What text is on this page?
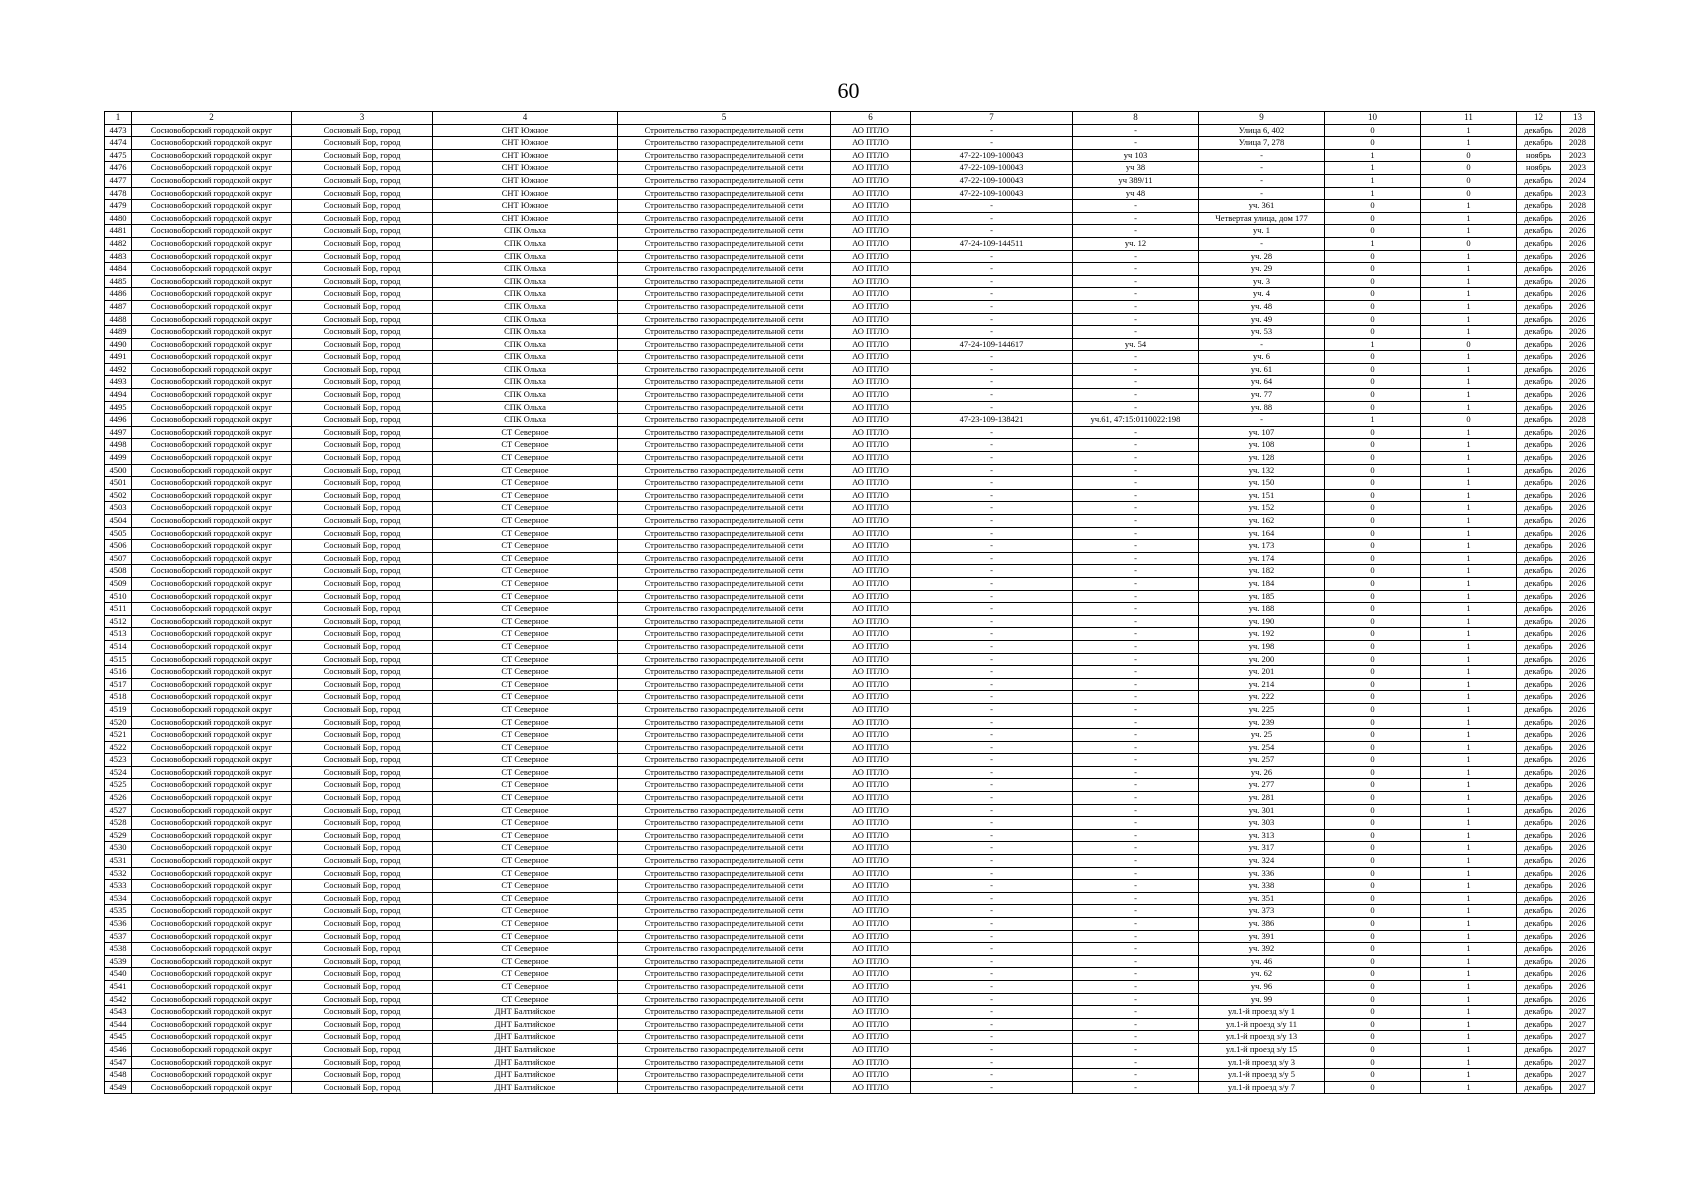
60
1	2	3	4	5	6	7	8	9	10	11	12	13
4473	Сосновоборский городской округ	Сосновый Бор, город	СНТ Южное	Строительство газораспределительной сети	АО ПТЛО	-	-	Улица 6, 402	0	1	декабрь	2028
4474	Сосновоборский городской округ	Сосновый Бор, город	СНТ Южное	Строительство газораспределительной сети	АО ПТЛО	-	-	Улица 7, 278	0	1	декабрь	2028
4475	Сосновоборский городской округ	Сосновый Бор, город	СНТ Южное	Строительство газораспределительной сети	АО ПТЛО	47-22-109-100043	уч 103	-	1	0	ноябрь	2023
4476	Сосновоборский городской округ	Сосновый Бор, город	СНТ Южное	Строительство газораспределительной сети	АО ПТЛО	47-22-109-100043	уч 38	-	1	0	ноябрь	2023
4477	Сосновоборский городской округ	Сосновый Бор, город	СНТ Южное	Строительство газораспределительной сети	АО ПТЛО	47-22-109-100043	уч 389/11	-	1	0	декабрь	2024
4478	Сосновоборский городской округ	Сосновый Бор, город	СНТ Южное	Строительство газораспределительной сети	АО ПТЛО	47-22-109-100043	уч 48	-	1	0	декабрь	2023
4479	Сосновоборский городской округ	Сосновый Бор, город	СНТ Южное	Строительство газораспределительной сети	АО ПТЛО	-	-	уч. 361	0	1	декабрь	2028
4480	Сосновоборский городской округ	Сосновый Бор, город	СНТ Южное	Строительство газораспределительной сети	АО ПТЛО	-	-	Четвертая улица, дом 177	0	1	декабрь	2026
4481	Сосновоборский городской округ	Сосновый Бор, город	СПК Ольха	Строительство газораспределительной сети	АО ПТЛО	-	-	уч. 1	0	1	декабрь	2026
4482	Сосновоборский городской округ	Сосновый Бор, город	СПК Ольха	Строительство газораспределительной сети	АО ПТЛО	47-24-109-144511	уч. 12	-	1	0	декабрь	2026
4483	Сосновоборский городской округ	Сосновый Бор, город	СПК Ольха	Строительство газораспределительной сети	АО ПТЛО	-	-	уч. 28	0	1	декабрь	2026
4484	Сосновоборский городской округ	Сосновый Бор, город	СПК Ольха	Строительство газораспределительной сети	АО ПТЛО	-	-	уч. 29	0	1	декабрь	2026
4485	Сосновоборский городской округ	Сосновый Бор, город	СПК Ольха	Строительство газораспределительной сети	АО ПТЛО	-	-	уч. 3	0	1	декабрь	2026
4486	Сосновоборский городской округ	Сосновый Бор, город	СПК Ольха	Строительство газораспределительной сети	АО ПТЛО	-	-	уч. 4	0	1	декабрь	2026
4487	Сосновоборский городской округ	Сосновый Бор, город	СПК Ольха	Строительство газораспределительной сети	АО ПТЛО	-	-	уч. 48	0	1	декабрь	2026
4488	Сосновоборский городской округ	Сосновый Бор, город	СПК Ольха	Строительство газораспределительной сети	АО ПТЛО	-	-	уч. 49	0	1	декабрь	2026
4489	Сосновоборский городской округ	Сосновый Бор, город	СПК Ольха	Строительство газораспределительной сети	АО ПТЛО	-	-	уч. 53	0	1	декабрь	2026
4490	Сосновоборский городской округ	Сосновый Бор, город	СПК Ольха	Строительство газораспределительной сети	АО ПТЛО	47-24-109-144617	уч. 54	-	1	0	декабрь	2026
4491	Сосновоборский городской округ	Сосновый Бор, город	СПК Ольха	Строительство газораспределительной сети	АО ПТЛО	-	-	уч. 6	0	1	декабрь	2026
4492	Сосновоборский городской округ	Сосновый Бор, город	СПК Ольха	Строительство газораспределительной сети	АО ПТЛО	-	-	уч. 61	0	1	декабрь	2026
4493	Сосновоборский городской округ	Сосновый Бор, город	СПК Ольха	Строительство газораспределительной сети	АО ПТЛО	-	-	уч. 64	0	1	декабрь	2026
4494	Сосновоборский городской округ	Сосновый Бор, город	СПК Ольха	Строительство газораспределительной сети	АО ПТЛО	-	-	уч. 77	0	1	декабрь	2026
4495	Сосновоборский городской округ	Сосновый Бор, город	СПК Ольха	Строительство газораспределительной сети	АО ПТЛО	-	-	уч. 88	0	1	декабрь	2026
4496	Сосновоборский городской округ	Сосновый Бор, город	СПК Ольха	Строительство газораспределительной сети	АО ПТЛО	47-23-109-138421	уч.61, 47:15:0110022:198	-	1	0	декабрь	2028
4497	Сосновоборский городской округ	Сосновый Бор, город	СТ Северное	Строительство газораспределительной сети	АО ПТЛО	-	-	уч. 107	0	1	декабрь	2026
4498	Сосновоборский городской округ	Сосновый Бор, город	СТ Северное	Строительство газораспределительной сети	АО ПТЛО	-	-	уч. 108	0	1	декабрь	2026
4499	Сосновоборский городской округ	Сосновый Бор, город	СТ Северное	Строительство газораспределительной сети	АО ПТЛО	-	-	уч. 128	0	1	декабрь	2026
4500	Сосновоборский городской округ	Сосновый Бор, город	СТ Северное	Строительство газораспределительной сети	АО ПТЛО	-	-	уч. 132	0	1	декабрь	2026
4501	Сосновоборский городской округ	Сосновый Бор, город	СТ Северное	Строительство газораспределительной сети	АО ПТЛО	-	-	уч. 150	0	1	декабрь	2026
4502	Сосновоборский городской округ	Сосновый Бор, город	СТ Северное	Строительство газораспределительной сети	АО ПТЛО	-	-	уч. 151	0	1	декабрь	2026
4503	Сосновоборский городской округ	Сосновый Бор, город	СТ Северное	Строительство газораспределительной сети	АО ПТЛО	-	-	уч. 152	0	1	декабрь	2026
4504	Сосновоборский городской округ	Сосновый Бор, город	СТ Северное	Строительство газораспределительной сети	АО ПТЛО	-	-	уч. 162	0	1	декабрь	2026
4505	Сосновоборский городской округ	Сосновый Бор, город	СТ Северное	Строительство газораспределительной сети	АО ПТЛО	-	-	уч. 164	0	1	декабрь	2026
4506	Сосновоборский городской округ	Сосновый Бор, город	СТ Северное	Строительство газораспределительной сети	АО ПТЛО	-	-	уч. 173	0	1	декабрь	2026
4507	Сосновоборский городской округ	Сосновый Бор, город	СТ Северное	Строительство газораспределительной сети	АО ПТЛО	-	-	уч. 174	0	1	декабрь	2026
4508	Сосновоборский городской округ	Сосновый Бор, город	СТ Северное	Строительство газораспределительной сети	АО ПТЛО	-	-	уч. 182	0	1	декабрь	2026
4509	Сосновоборский городской округ	Сосновый Бор, город	СТ Северное	Строительство газораспределительной сети	АО ПТЛО	-	-	уч. 184	0	1	декабрь	2026
4510	Сосновоборский городской округ	Сосновый Бор, город	СТ Северное	Строительство газораспределительной сети	АО ПТЛО	-	-	уч. 185	0	1	декабрь	2026
4511	Сосновоборский городской округ	Сосновый Бор, город	СТ Северное	Строительство газораспределительной сети	АО ПТЛО	-	-	уч. 188	0	1	декабрь	2026
4512	Сосновоборский городской округ	Сосновый Бор, город	СТ Северное	Строительство газораспределительной сети	АО ПТЛО	-	-	уч. 190	0	1	декабрь	2026
4513	Сосновоборский городской округ	Сосновый Бор, город	СТ Северное	Строительство газораспределительной сети	АО ПТЛО	-	-	уч. 192	0	1	декабрь	2026
4514	Сосновоборский городской округ	Сосновый Бор, город	СТ Северное	Строительство газораспределительной сети	АО ПТЛО	-	-	уч. 198	0	1	декабрь	2026
4515	Сосновоборский городской округ	Сосновый Бор, город	СТ Северное	Строительство газораспределительной сети	АО ПТЛО	-	-	уч. 200	0	1	декабрь	2026
4516	Сосновоборский городской округ	Сосновый Бор, город	СТ Северное	Строительство газораспределительной сети	АО ПТЛО	-	-	уч. 201	0	1	декабрь	2026
4517	Сосновоборский городской округ	Сосновый Бор, город	СТ Северное	Строительство газораспределительной сети	АО ПТЛО	-	-	уч. 214	0	1	декабрь	2026
4518	Сосновоборский городской округ	Сосновый Бор, город	СТ Северное	Строительство газораспределительной сети	АО ПТЛО	-	-	уч. 222	0	1	декабрь	2026
4519	Сосновоборский городской округ	Сосновый Бор, город	СТ Северное	Строительство газораспределительной сети	АО ПТЛО	-	-	уч. 225	0	1	декабрь	2026
4520	Сосновоборский городской округ	Сосновый Бор, город	СТ Северное	Строительство газораспределительной сети	АО ПТЛО	-	-	уч. 239	0	1	декабрь	2026
4521	Сосновоборский городской округ	Сосновый Бор, город	СТ Северное	Строительство газораспределительной сети	АО ПТЛО	-	-	уч. 25	0	1	декабрь	2026
4522	Сосновоборский городской округ	Сосновый Бор, город	СТ Северное	Строительство газораспределительной сети	АО ПТЛО	-	-	уч. 254	0	1	декабрь	2026
4523	Сосновоборский городской округ	Сосновый Бор, город	СТ Северное	Строительство газораспределительной сети	АО ПТЛО	-	-	уч. 257	0	1	декабрь	2026
4524	Сосновоборский городской округ	Сосновый Бор, город	СТ Северное	Строительство газораспределительной сети	АО ПТЛО	-	-	уч. 26	0	1	декабрь	2026
4525	Сосновоборский городской округ	Сосновый Бор, город	СТ Северное	Строительство газораспределительной сети	АО ПТЛО	-	-	уч. 277	0	1	декабрь	2026
4526	Сосновоборский городской округ	Сосновый Бор, город	СТ Северное	Строительство газораспределительной сети	АО ПТЛО	-	-	уч. 281	0	1	декабрь	2026
4527	Сосновоборский городской округ	Сосновый Бор, город	СТ Северное	Строительство газораспределительной сети	АО ПТЛО	-	-	уч. 301	0	1	декабрь	2026
4528	Сосновоборский городской округ	Сосновый Бор, город	СТ Северное	Строительство газораспределительной сети	АО ПТЛО	-	-	уч. 303	0	1	декабрь	2026
4529	Сосновоборский городской округ	Сосновый Бор, город	СТ Северное	Строительство газораспределительной сети	АО ПТЛО	-	-	уч. 313	0	1	декабрь	2026
4530	Сосновоборский городской округ	Сосновый Бор, город	СТ Северное	Строительство газораспределительной сети	АО ПТЛО	-	-	уч. 317	0	1	декабрь	2026
4531	Сосновоборский городской округ	Сосновый Бор, город	СТ Северное	Строительство газораспределительной сети	АО ПТЛО	-	-	уч. 324	0	1	декабрь	2026
4532	Сосновоборский городской округ	Сосновый Бор, город	СТ Северное	Строительство газораспределительной сети	АО ПТЛО	-	-	уч. 336	0	1	декабрь	2026
4533	Сосновоборский городской округ	Сосновый Бор, город	СТ Северное	Строительство газораспределительной сети	АО ПТЛО	-	-	уч. 338	0	1	декабрь	2026
4534	Сосновоборский городской округ	Сосновый Бор, город	СТ Северное	Строительство газораспределительной сети	АО ПТЛО	-	-	уч. 351	0	1	декабрь	2026
4535	Сосновоборский городской округ	Сосновый Бор, город	СТ Северное	Строительство газораспределительной сети	АО ПТЛО	-	-	уч. 373	0	1	декабрь	2026
4536	Сосновоборский городской округ	Сосновый Бор, город	СТ Северное	Строительство газораспределительной сети	АО ПТЛО	-	-	уч. 386	0	1	декабрь	2026
4537	Сосновоборский городской округ	Сосновый Бор, город	СТ Северное	Строительство газораспределительной сети	АО ПТЛО	-	-	уч. 391	0	1	декабрь	2026
4538	Сосновоборский городской округ	Сосновый Бор, город	СТ Северное	Строительство газораспределительной сети	АО ПТЛО	-	-	уч. 392	0	1	декабрь	2026
4539	Сосновоборский городской округ	Сосновый Бор, город	СТ Северное	Строительство газораспределительной сети	АО ПТЛО	-	-	уч. 46	0	1	декабрь	2026
4540	Сосновоборский городской округ	Сосновый Бор, город	СТ Северное	Строительство газораспределительной сети	АО ПТЛО	-	-	уч. 62	0	1	декабрь	2026
4541	Сосновоборский городской округ	Сосновый Бор, город	СТ Северное	Строительство газораспределительной сети	АО ПТЛО	-	-	уч. 96	0	1	декабрь	2026
4542	Сосновоборский городской округ	Сосновый Бор, город	СТ Северное	Строительство газораспределительной сети	АО ПТЛО	-	-	уч. 99	0	1	декабрь	2026
4543	Сосновоборский городской округ	Сосновый Бор, город	ДНТ Балтийское	Строительство газораспределительной сети	АО ПТЛО	-	-	ул.1-й проезд з/у 1	0	1	декабрь	2027
4544	Сосновоборский городской округ	Сосновый Бор, город	ДНТ Балтийское	Строительство газораспределительной сети	АО ПТЛО	-	-	ул.1-й проезд з/у 11	0	1	декабрь	2027
4545	Сосновоборский городской округ	Сосновый Бор, город	ДНТ Балтийское	Строительство газораспределительной сети	АО ПТЛО	-	-	ул.1-й проезд з/у 13	0	1	декабрь	2027
4546	Сосновоборский городской округ	Сосновый Бор, город	ДНТ Балтийское	Строительство газораспределительной сети	АО ПТЛО	-	-	ул.1-й проезд з/у 15	0	1	декабрь	2027
4547	Сосновоборский городской округ	Сосновый Бор, город	ДНТ Балтийское	Строительство газораспределительной сети	АО ПТЛО	-	-	ул.1-й проезд з/у 3	0	1	декабрь	2027
4548	Сосновоборский городской округ	Сосновый Бор, город	ДНТ Балтийское	Строительство газораспределительной сети	АО ПТЛО	-	-	ул.1-й проезд з/у 5	0	1	декабрь	2027
4549	Сосновоборский городской округ	Сосновый Бор, город	ДНТ Балтийское	Строительство газораспределительной сети	АО ПТЛО	-	-	ул.1-й проезд з/у 7	0	1	декабрь	2027
